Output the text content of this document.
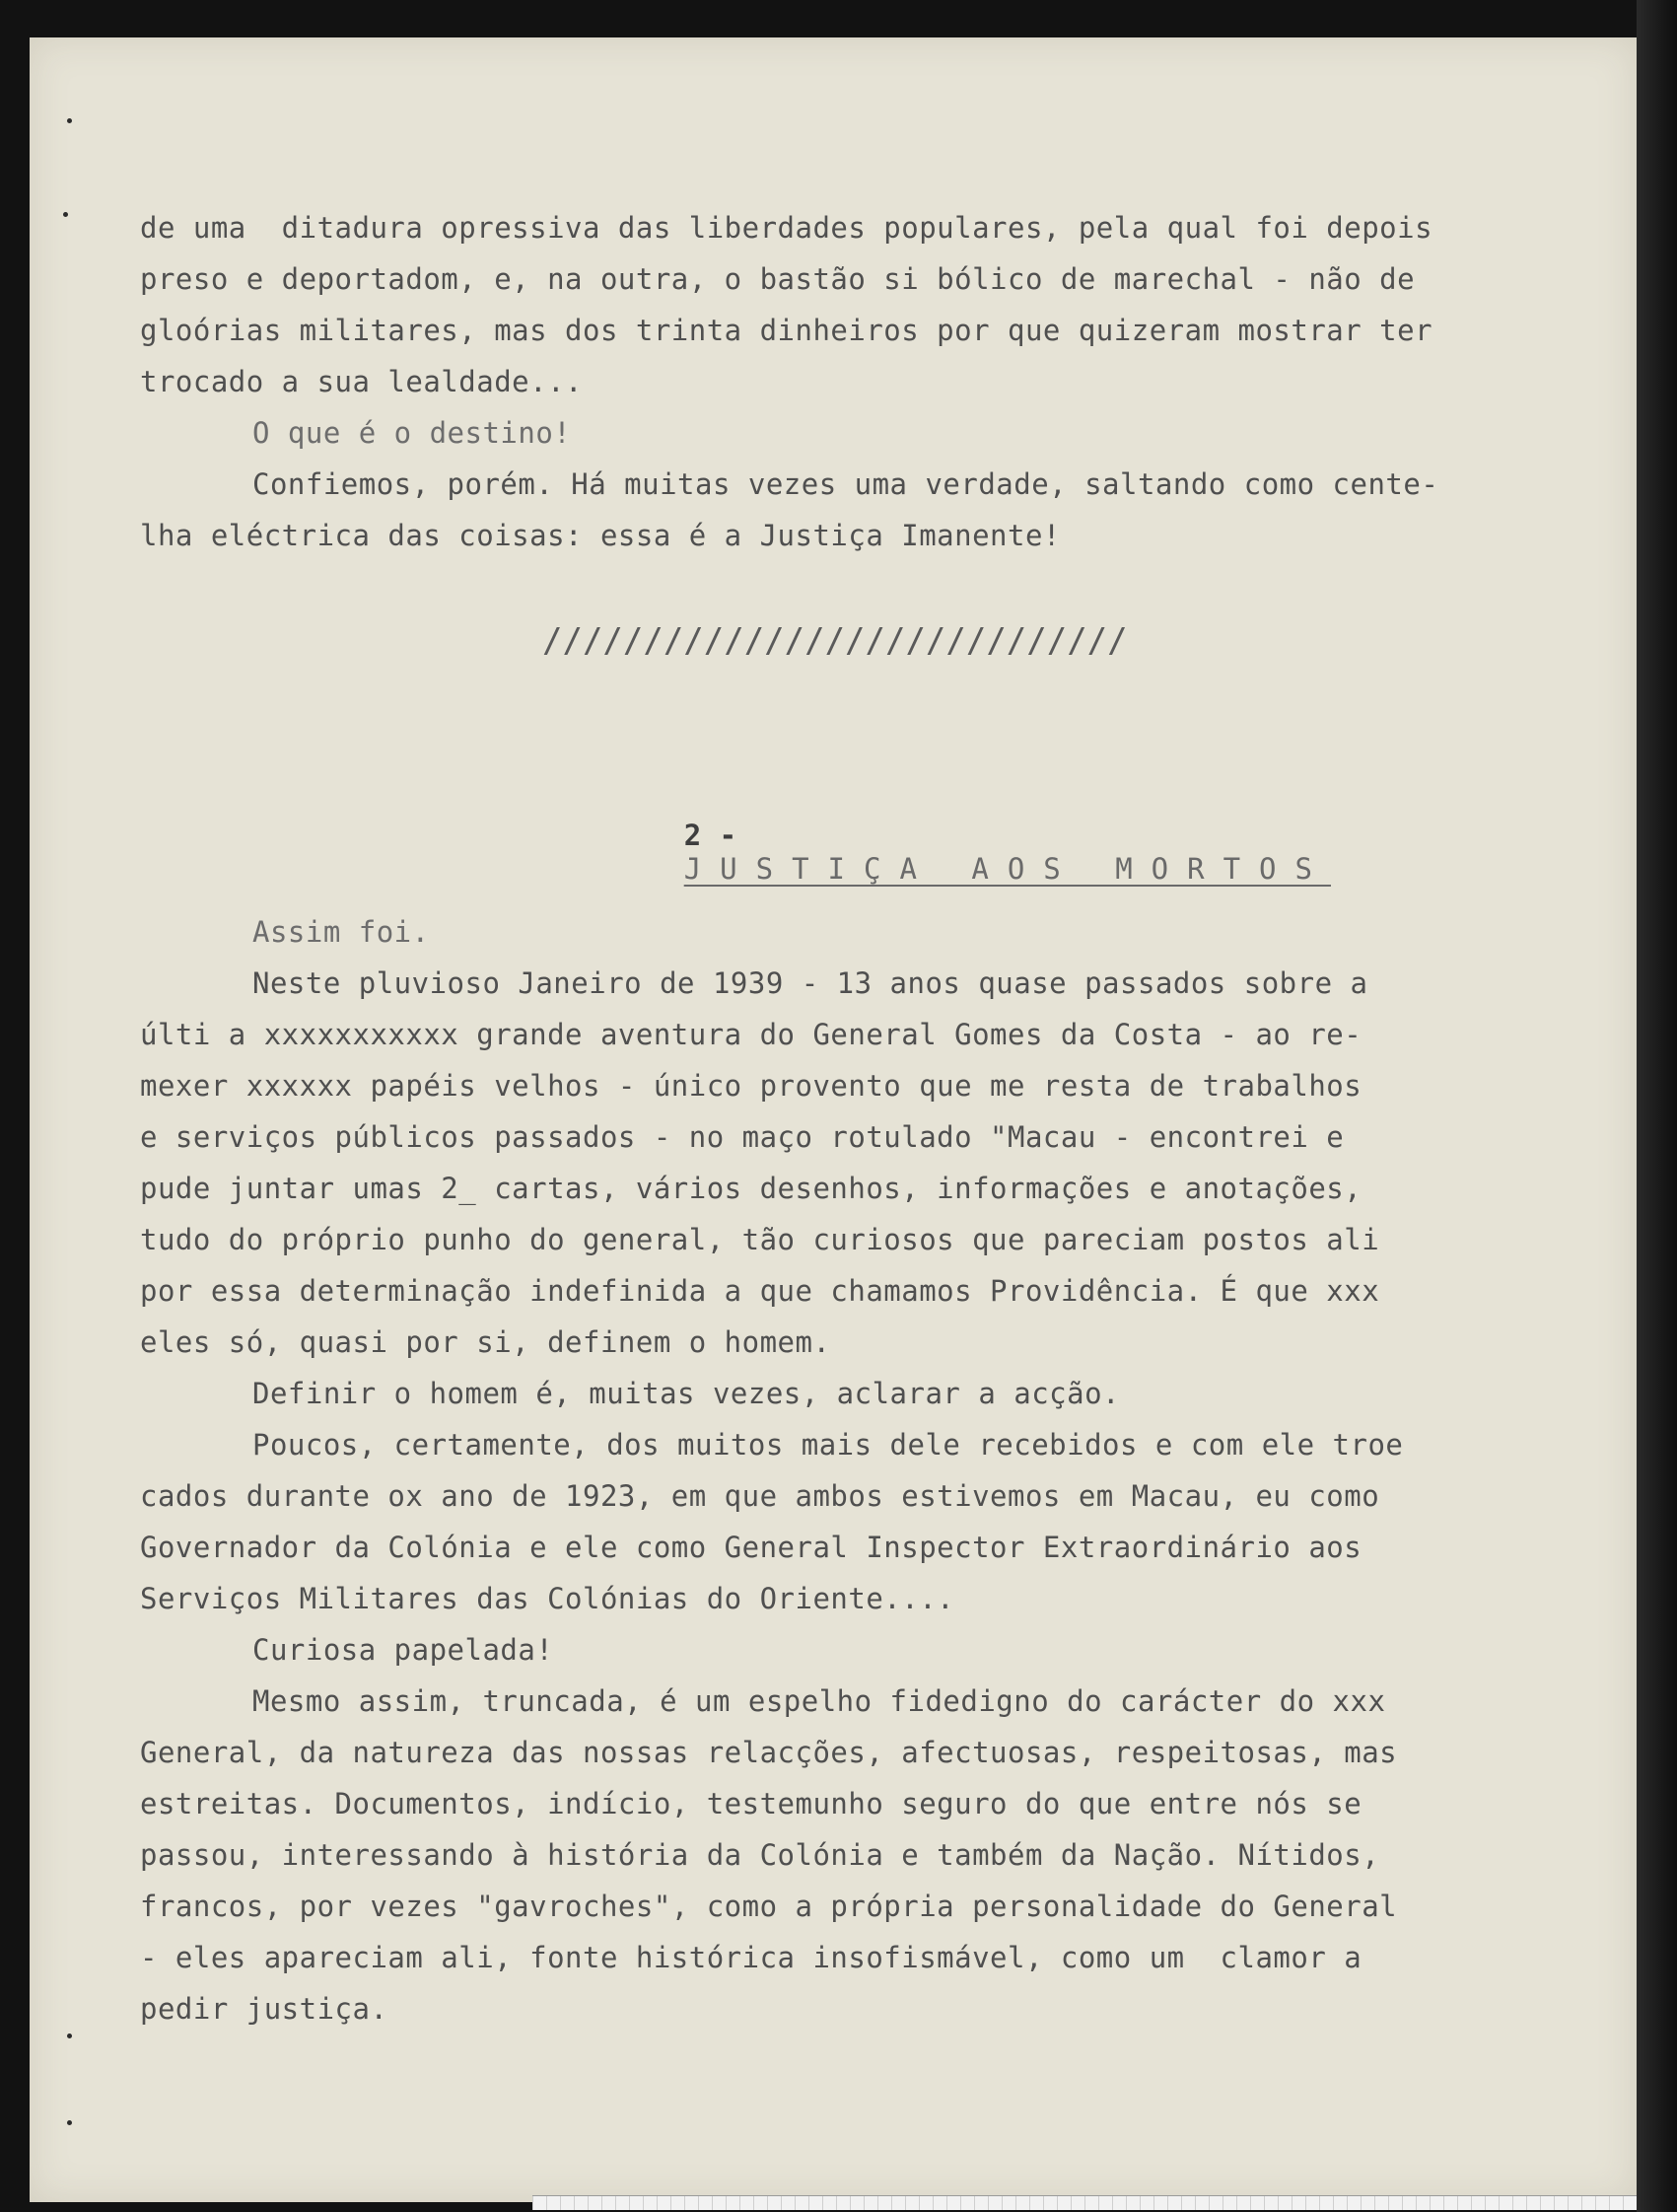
de uma  ditadura opressiva das liberdades populares, pela qual foi depois
preso e deportadom, e, na outra, o bastão si bólico de marechal - não de
gloórias militares, mas dos trinta dinheiros por que quizeram mostrar ter
trocado a sua lealdade...
O que é o destino!
Confiemos, porém. Há muitas vezes uma verdade, saltando como cente-
lha eléctrica das coisas: essa é a Justiça Imanente!
/////////////////////////////

2 -
JUSTIÇA AOS MORTOS

Assim foi.
Neste pluvioso Janeiro de 1939 - 13 anos quase passados sobre a
últi a xxxxxxxxxxx grande aventura do General Gomes da Costa - ao re-
mexer xxxxxx papéis velhos - único provento que me resta de trabalhos
e serviços públicos passados - no maço rotulado "Macau - encontrei e
pude juntar umas 2_ cartas, vários desenhos, informações e anotações,
tudo do próprio punho do general, tão curiosos que pareciam postos ali
por essa determinação indefinida a que chamamos Providência. É que xxx
eles só, quasi por si, definem o homem.
Definir o homem é, muitas vezes, aclarar a acção.
Poucos, certamente, dos muitos mais dele recebidos e com ele troe
cados durante ox ano de 1923, em que ambos estivemos em Macau, eu como
Governador da Colónia e ele como General Inspector Extraordinário aos
Serviços Militares das Colónias do Oriente....
Curiosa papelada!
Mesmo assim, truncada, é um espelho fidedigno do carácter do xxx
General, da natureza das nossas relacções, afectuosas, respeitosas, mas
estreitas. Documentos, indício, testemunho seguro do que entre nós se
passou, interessando à história da Colónia e também da Nação. Nítidos,
francos, por vezes "gavroches", como a própria personalidade do General
- eles apareciam ali, fonte histórica insofismável, como um  clamor a
pedir justiça.
